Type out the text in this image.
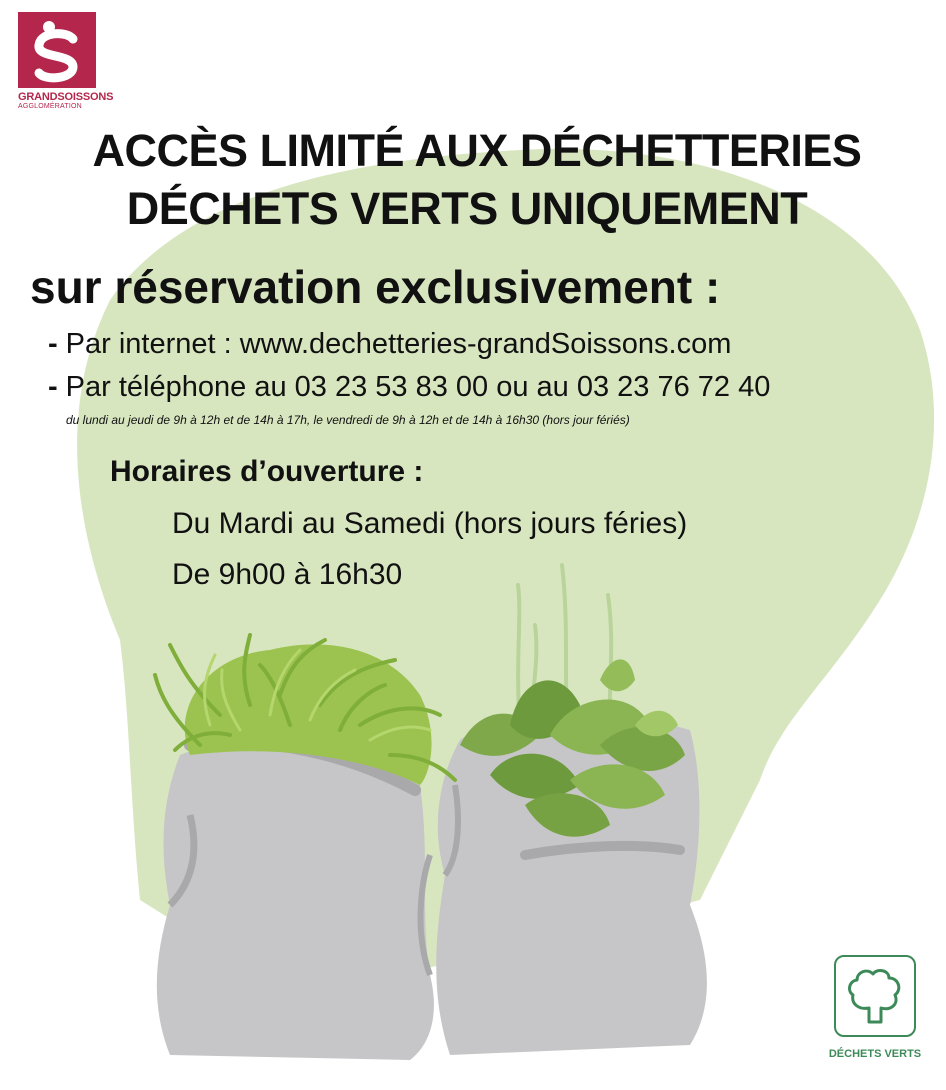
GRANDSOISSONS
AGGLOMÉRATION
ACCÈS LIMITÉ AUX DÉCHETTERIES
DÉCHETS VERTS UNIQUEMENT
sur réservation exclusivement :
- Par internet : www.dechetteries-grandSoissons.com
- Par téléphone au 03 23 53 83 00 ou au 03 23 76 72 40
du lundi au jeudi de 9h à 12h et de 14h à 17h, le vendredi de 9h à 12h et de 14h à 16h30 (hors jour fériés)
Horaires d’ouverture :
Du Mardi au Samedi (hors jours féries)
De 9h00 à 16h30
DÉCHETS VERTS
